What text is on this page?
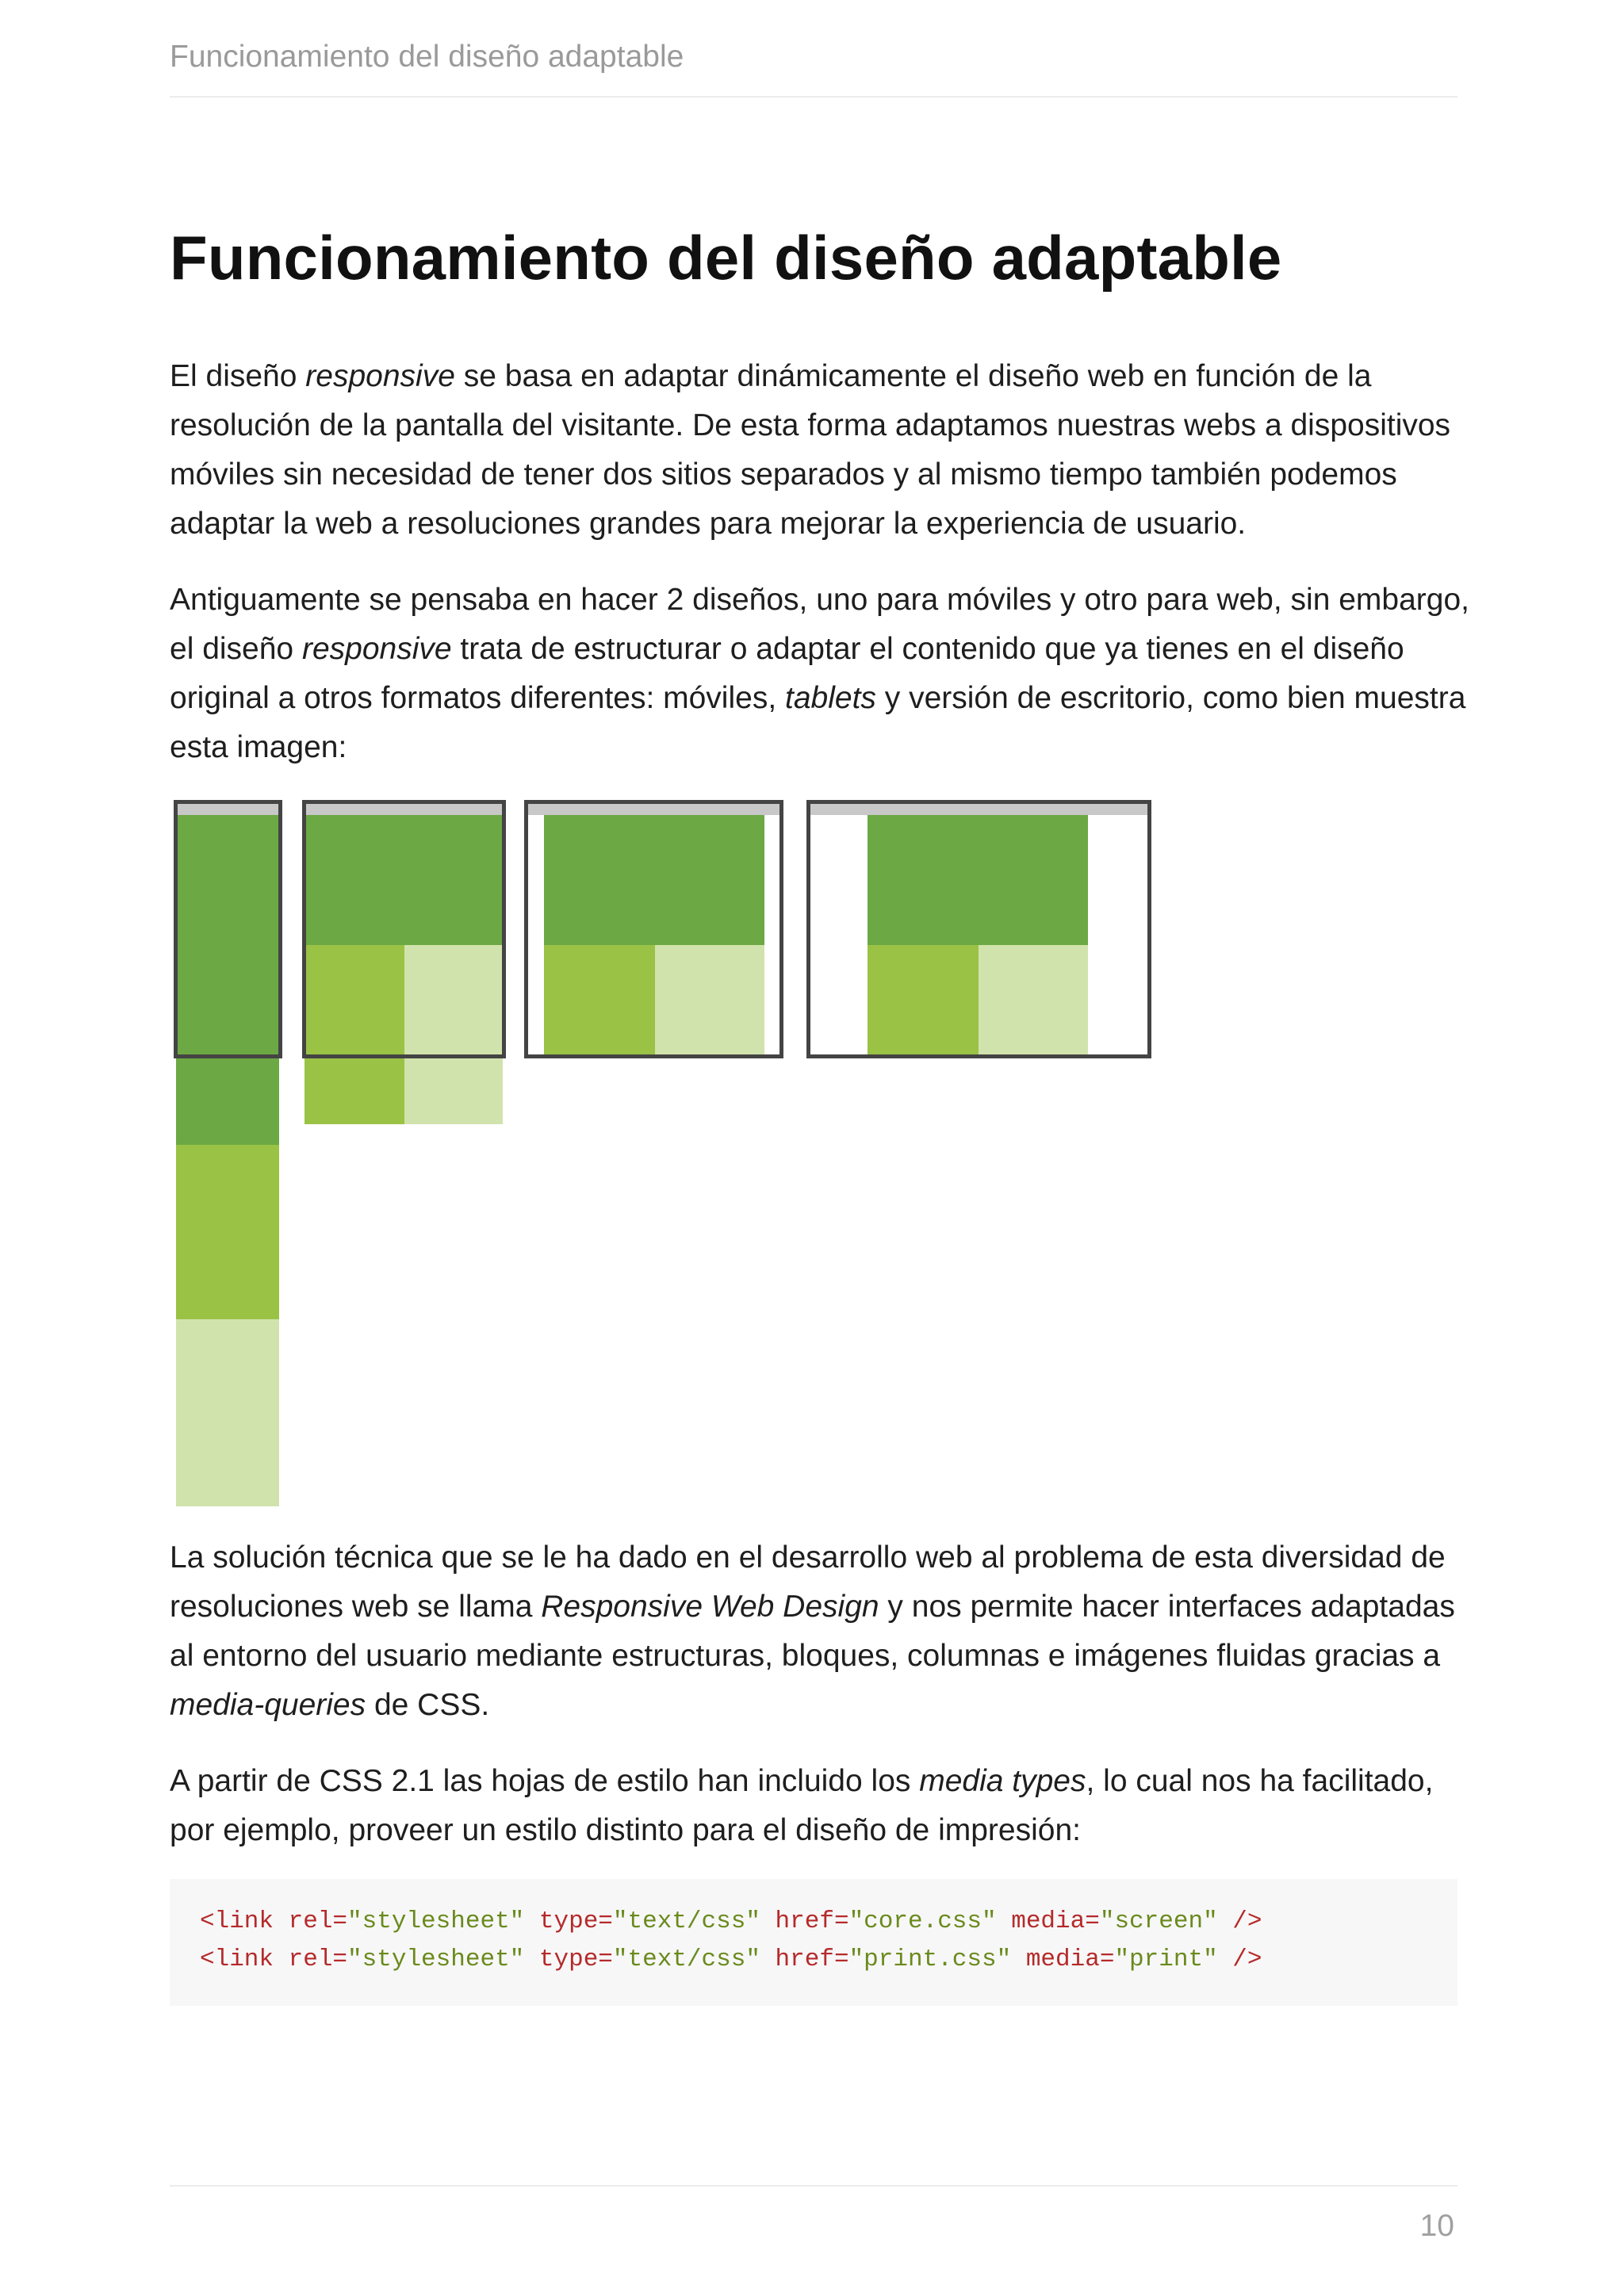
Funcionamiento del diseño adaptable
Funcionamiento del diseño adaptable

El diseño responsive se basa en adaptar dinámicamente el diseño web en función de la resolución de la pantalla del visitante. De esta forma adaptamos nuestras webs a dispositivos móviles sin necesidad de tener dos sitios separados y al mismo tiempo también podemos adaptar la web a resoluciones grandes para mejorar la experiencia de usuario.

Antiguamente se pensaba en hacer 2 diseños, uno para móviles y otro para web, sin embargo, el diseño responsive trata de estructurar o adaptar el contenido que ya tienes en el diseño original a otros formatos diferentes: móviles, tablets y versión de escritorio, como bien muestra esta imagen:

La solución técnica que se le ha dado en el desarrollo web al problema de esta diversidad de resoluciones web se llama Responsive Web Design y nos permite hacer interfaces adaptadas al entorno del usuario mediante estructuras, bloques, columnas e imágenes fluidas gracias a media-queries de CSS.

A partir de CSS 2.1 las hojas de estilo han incluido los media types, lo cual nos ha facilitado, por ejemplo, proveer un estilo distinto para el diseño de impresión:

<link rel="stylesheet" type="text/css" href="core.css" media="screen" />
<link rel="stylesheet" type="text/css" href="print.css" media="print" />
10
